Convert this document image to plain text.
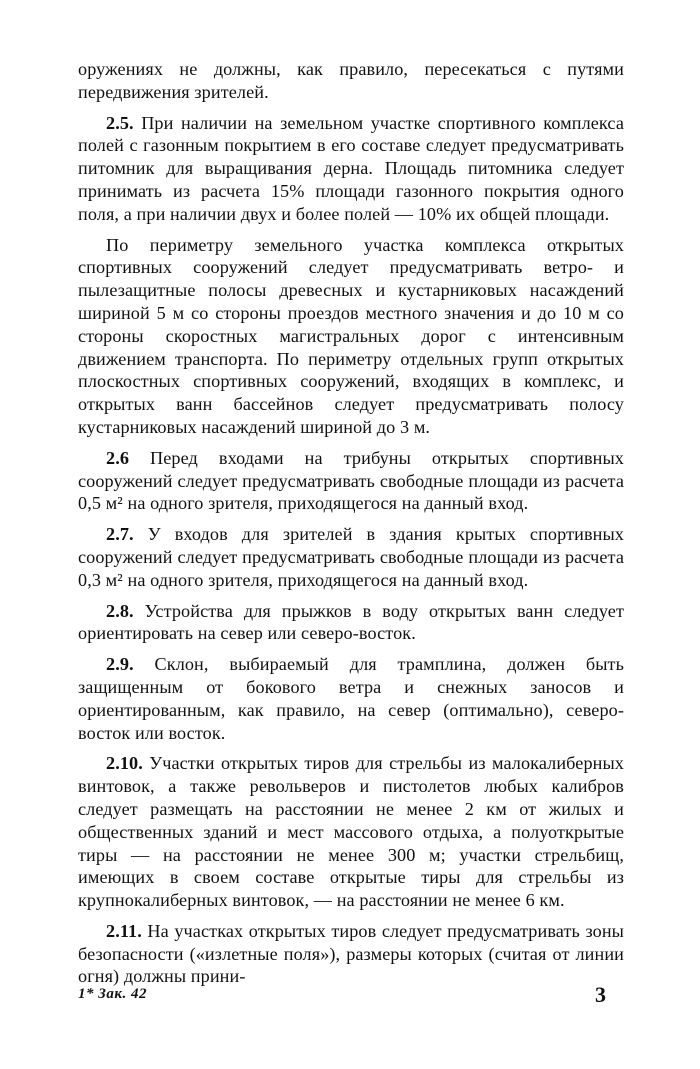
оружениях не должны, как правило, пересекаться с путями передвижения зрителей.

2.5. При наличии на земельном участке спортивного комплекса полей с газонным покрытием в его составе следует предусматривать питомник для выращивания дерна. Площадь питомника следует принимать из расчета 15% площади газонного покрытия одного поля, а при наличии двух и более полей — 10% их общей площади.

По периметру земельного участка комплекса открытых спортивных сооружений следует предусматривать ветро- и пылезащитные полосы древесных и кустарниковых насаждений шириной 5 м со стороны проездов местного значения и до 10 м со стороны скоростных магистральных дорог с интенсивным движением транспорта. По периметру отдельных групп открытых плоскостных спортивных сооружений, входящих в комплекс, и открытых ванн бассейнов следует предусматривать полосу кустарниковых насаждений шириной до 3 м.

2.6 Перед входами на трибуны открытых спортивных сооружений следует предусматривать свободные площади из расчета 0,5 м² на одного зрителя, приходящегося на данный вход.

2.7. У входов для зрителей в здания крытых спортивных сооружений следует предусматривать свободные площади из расчета 0,3 м² на одного зрителя, приходящегося на данный вход.

2.8. Устройства для прыжков в воду открытых ванн следует ориентировать на север или северо-восток.

2.9. Склон, выбираемый для трамплина, должен быть защищенным от бокового ветра и снежных заносов и ориентированным, как правило, на север (оптимально), северо-восток или восток.

2.10. Участки открытых тиров для стрельбы из малокалиберных винтовок, а также револьверов и пистолетов любых калибров следует размещать на расстоянии не менее 2 км от жилых и общественных зданий и мест массового отдыха, а полуоткрытые тиры — на расстоянии не менее 300 м; участки стрельбищ, имеющих в своем составе открытые тиры для стрельбы из крупнокалиберных винтовок, — на расстоянии не менее 6 км.

2.11. На участках открытых тиров следует предусматривать зоны безопасности («излетные поля»), размеры которых (считая от линии огня) должны прини-

1* Зак. 42	3
